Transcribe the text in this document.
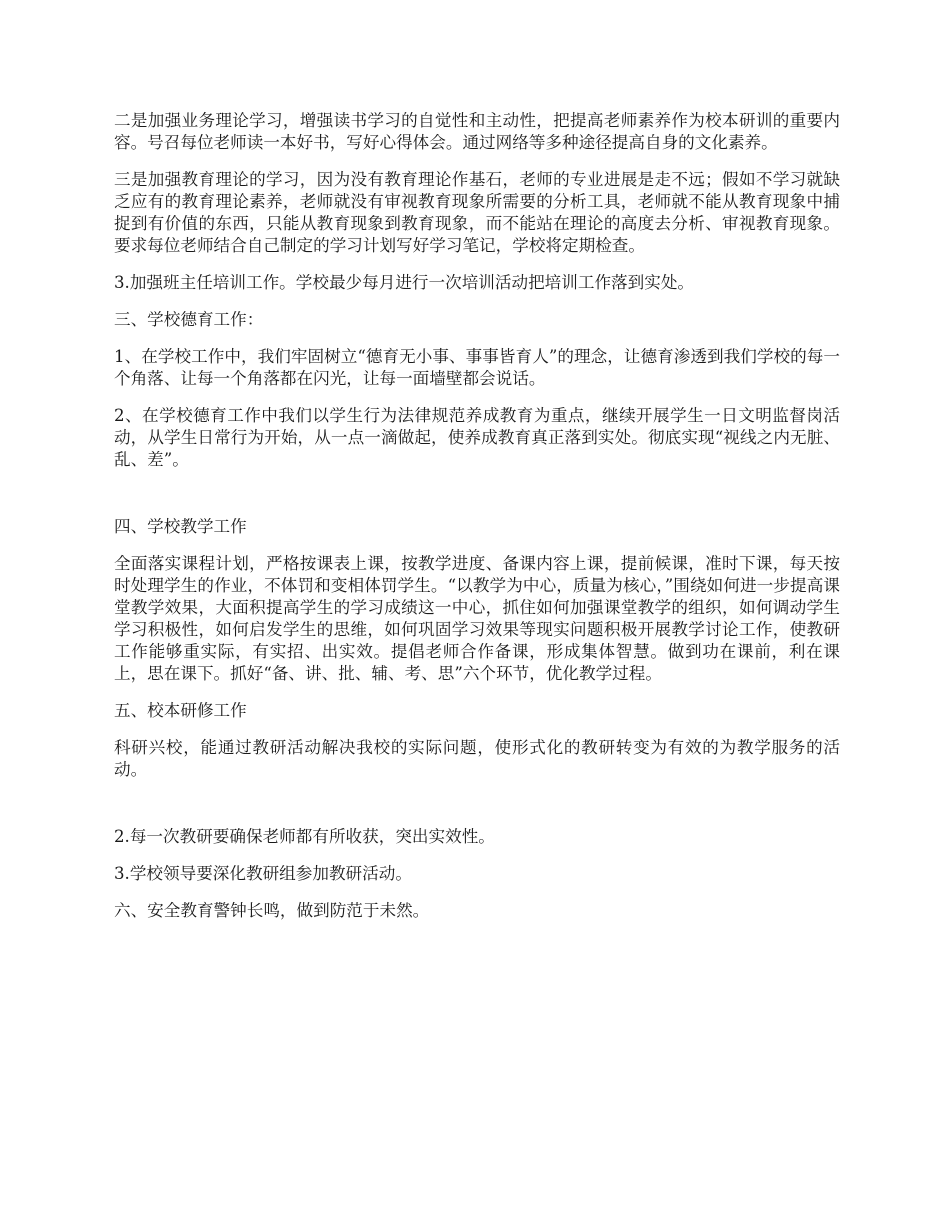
二是加强业务理论学习，增强读书学习的自觉性和主动性，把提高老师素养作为校本研训的重要内容。号召每位老师读一本好书，写好心得体会。通过网络等多种途径提高自身的文化素养。

三是加强教育理论的学习，因为没有教育理论作基石，老师的专业进展是走不远；假如不学习就缺乏应有的教育理论素养，老师就没有审视教育现象所需要的分析工具，老师就不能从教育现象中捕捉到有价值的东西，只能从教育现象到教育现象，而不能站在理论的高度去分析、审视教育现象。要求每位老师结合自己制定的学习计划写好学习笔记，学校将定期检查。

3.加强班主任培训工作。学校最少每月进行一次培训活动把培训工作落到实处。

三、学校德育工作：

1、在学校工作中，我们牢固树立“德育无小事、事事皆育人”的理念，让德育渗透到我们学校的每一个角落、让每一个角落都在闪光，让每一面墙壁都会说话。

2、在学校德育工作中我们以学生行为法律规范养成教育为重点，继续开展学生一日文明监督岗活动，从学生日常行为开始，从一点一滴做起，使养成教育真正落到实处。彻底实现“视线之内无脏、乱、差”。

四、学校教学工作

全面落实课程计划，严格按课表上课，按教学进度、备课内容上课，提前候课，准时下课，每天按时处理学生的作业，不体罚和变相体罚学生。“以教学为中心，质量为核心，”围绕如何进一步提高课堂教学效果，大面积提高学生的学习成绩这一中心，抓住如何加强课堂教学的组织，如何调动学生学习积极性，如何启发学生的思维，如何巩固学习效果等现实问题积极开展教学讨论工作，使教研工作能够重实际，有实招、出实效。提倡老师合作备课，形成集体智慧。做到功在课前，利在课上，思在课下。抓好“备、讲、批、辅、考、思”六个环节，优化教学过程。

五、校本研修工作

科研兴校，能通过教研活动解决我校的实际问题，使形式化的教研转变为有效的为教学服务的活动。

2.每一次教研要确保老师都有所收获，突出实效性。

3.学校领导要深化教研组参加教研活动。

六、安全教育警钟长鸣，做到防范于未然。
